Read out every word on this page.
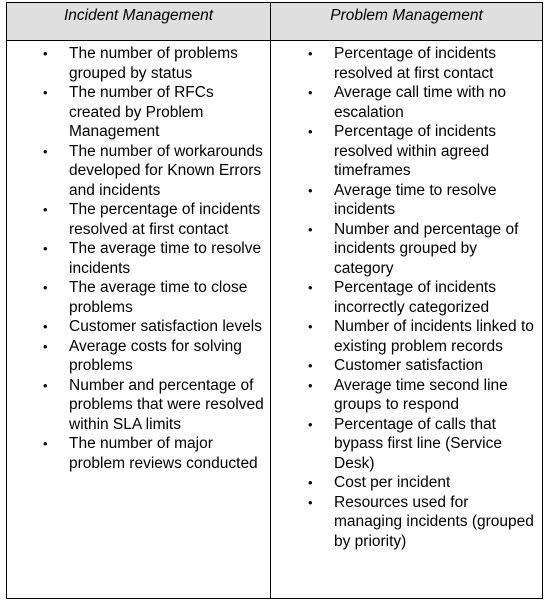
Incident Management	Problem Management
• The number of problems grouped by status
• The number of RFCs created by Problem Management
• The number of workarounds developed for Known Errors and incidents
• The percentage of incidents resolved at first contact
• The average time to resolve incidents
• The average time to close problems
• Customer satisfaction levels
• Average costs for solving problems
• Number and percentage of problems that were resolved within SLA limits
• The number of major problem reviews conducted
• Percentage of incidents resolved at first contact
• Average call time with no escalation
• Percentage of incidents resolved within agreed timeframes
• Average time to resolve incidents
• Number and percentage of incidents grouped by category
• Percentage of incidents incorrectly categorized
• Number of incidents linked to existing problem records
• Customer satisfaction
• Average time second line groups to respond
• Percentage of calls that bypass first line (Service Desk)
• Cost per incident
• Resources used for managing incidents (grouped by priority)
